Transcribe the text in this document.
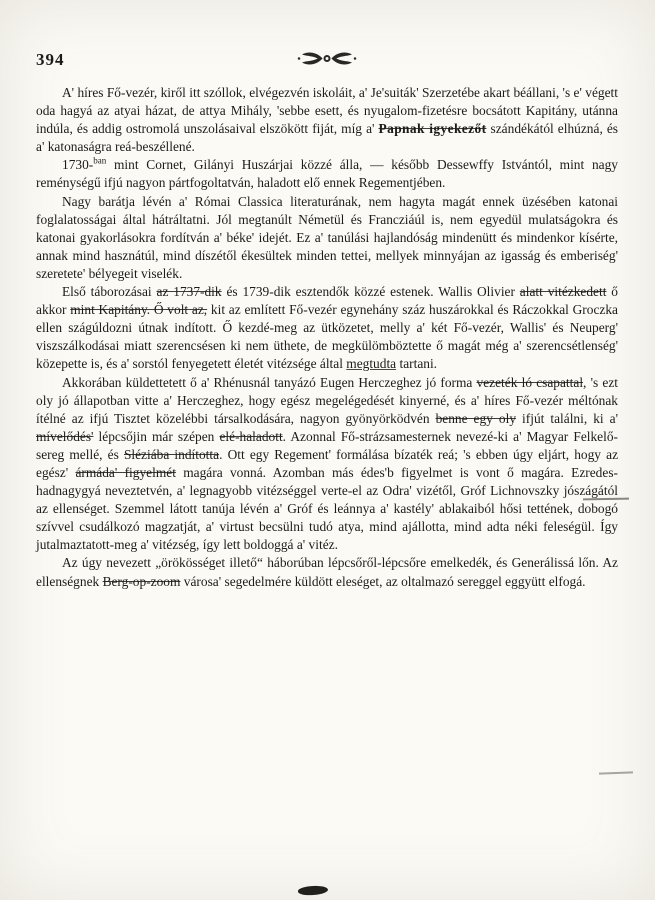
394

A' híres Fő-vezér, kiről itt szóllok, elvégezvén iskoláit, a' Je'suiták' Szerzetébe akart béállani, 's e' végett oda hagyá az atyai házat, de attya Mihály, 'sebbe esett, és nyugalom-fizetésre bocsátott Kapitány, utánna indúla, és addig ostromolá unszolásaival elszökött fiját, míg a' Papnak igyekezőt szándékától elhúzná, és a' katonaságra reá-beszéllené.

1730-$^{ban}$ mint Cornet, Gilányi Huszárjai közzé álla, — később Dessewffy Istvántól, mint nagy reménységű ifjú nagyon pártfogoltatván, haladott elő ennek Regementjében.

Nagy barátja lévén a' Római Classica literaturának, nem hagyta magát ennek üzésében katonai foglalatosságai által hátráltatni. Jól megtanúlt Németül és Francziáúl is, nem egyedül mulatságokra és katonai gyakorlásokra fordítván a' béke' idejét. Ez a' tanúlási hajlandóság mindenütt és mindenkor kísérte, annak mind hasznátúl, mind díszétől ékesültek minden tettei, mellyek minnyájan az igasság és emberiség' szeretete' bélyegeit viselék.

Első táborozásai az 1737-dik és 1739-dik esztendők közzé estenek. Wallis Olivier alatt vitézkedett ő akkor mint Kapitány. Ő volt az, kit az említett Fő-vezér egynehány száz huszárokkal és Ráczokkal Groczka ellen szágúldozni útnak indított. Ő kezdé-meg az ütközetet, melly a' két Fő-vezér, Wallis' és Neuperg' viszszálkodásai miatt szerencsésen ki nem üthete, de megkülömböztette ő magát még a' szerencsétlenség' közepette is, és a' sorstól fenyegetett életét vitézsége által megtudta tartani.

Akkorában küldettetett ő a' Rhénusnál tanyázó Eugen Herczeghez jó forma vezeték ló csapattal, 's ezt oly jó állapotban vitte a' Herczeghez, hogy egész megelégedését kinyerné, és a' híres Fő-vezér méltónak ítélné az ifjú Tisztet közelébbi társalkodására, nagyon gyönyörködvén benne egy oly ifjút találni, ki a' mívelődés' lépcsőjin már szépen elé-haladott. Azonnal Fő-strázsamesternek nevezé-ki a' Magyar Felkelő-sereg mellé, és Sléziába indította. Ott egy Regement' formálása bízaték reá; 's ebben úgy eljárt, hogy az egész' ármáda' figyelmét magára vonná. Azomban más édes'b figyelmet is vont ő magára. Ezredes-hadnagygyá neveztetvén, a' legnagyobb vitézséggel verte-el az Odra' vizétől, Gróf Lichnovszky jószágától az ellenséget. Szemmel látott tanúja lévén a' Gróf és leánnya a' kastély' ablakaiból hősi tettének, dobogó szívvel csudálkozó magzatját, a' virtust becsülni tudó atya, mind ajállotta, mind adta néki feleségül. Így jutalmaztatott-meg a' vitézség, így lett boldoggá a' vitéz.

Az úgy nevezett „örökösséget illető“ háborúban lépcsőről-lépcsőre emelkedék, és Generálissá lőn. Az ellenségnek Berg-op-zoom városa' segedelmére küldött eleséget, az oltalmazó sereggel eggyütt elfogá.
